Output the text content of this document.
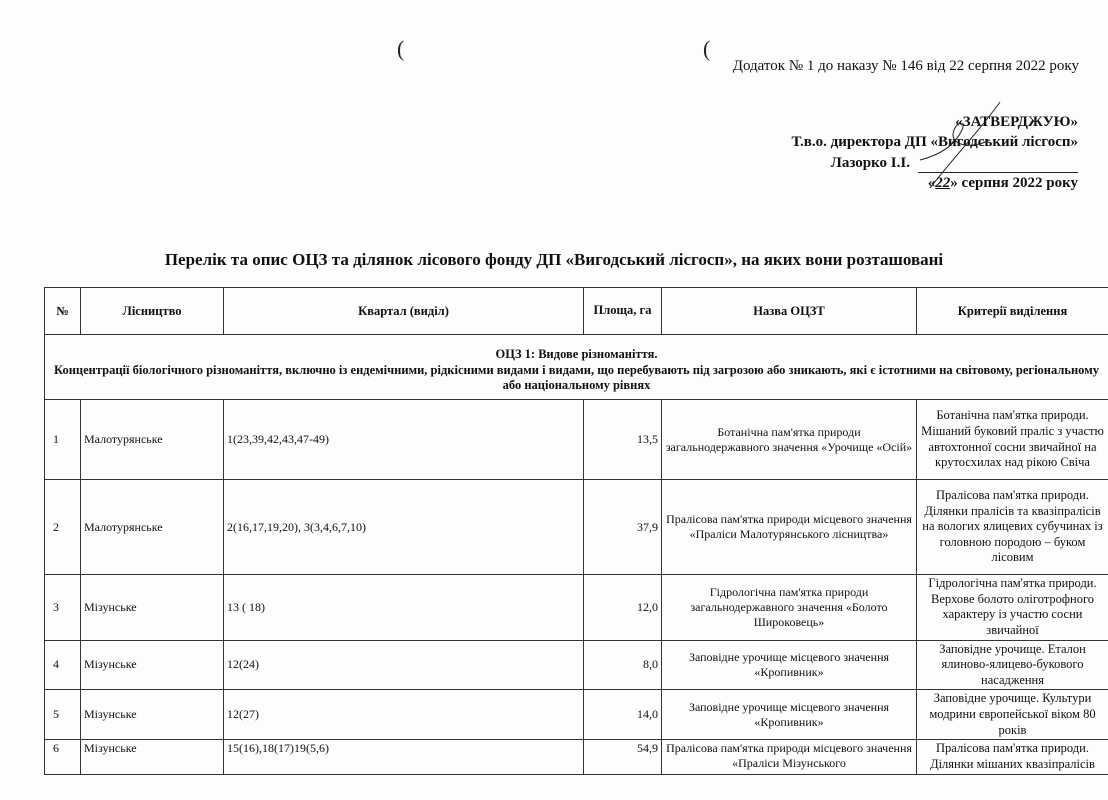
(	(
Додаток № 1 до наказу № 146 від 22 серпня 2022 року
«ЗАТВЕРДЖУЮ»
Т.в.о. директора ДП «Вигодський лісгосп»
Лазорко І.І.
«22» серпня 2022 року
Перелік та опис ОЦЗ та ділянок лісового фонду ДП «Вигодський лісгосп», на яких вони розташовані
№	Лісництво	Квартал (виділ)	Площа, га	Назва ОЦЗТ	Критерії виділення

ОЦЗ 1: Видове різноманіття.
Концентрації біологічного різноманіття, включно із ендемічними, рідкісними видами і видами, що перебувають під загрозою або зникають, які є істотними на світовому, регіональному або національному рівнях					

1	Малотурянське	1(23,39,42,43,47-49)	13,5	Ботанічна пам'ятка природи загальнодержавного значення «Урочище «Осій»	Ботанічна пам'ятка природи. Мішаний буковий праліс з участю автохтонної сосни звичайної на крутосхилах над рікою Свіча
2	Малотурянське	2(16,17,19,20), 3(3,4,6,7,10)	37,9	Пралісова пам'ятка природи місцевого значення «Праліси Малотурянського лісництва»	Пралісова пам'ятка природи. Ділянки пралісів та квазіпралісів на вологих ялицевих субучинах із головною породою – буком лісовим
3	Мізунське	13 ( 18)	12,0	Гідрологічна пам'ятка природи загальнодержавного значення «Болото Широковець»	Гідрологічна пам'ятка природи. Верхове болото оліготрофного характеру із участю сосни звичайної
4	Мізунське	12(24)	8,0	Заповідне урочище місцевого значення «Кропивник»	Заповідне урочище. Еталон ялиново-ялицево-букового насадження
5	Мізунське	12(27)	14,0	Заповідне урочище місцевого значення «Кропивник»	Заповідне урочище. Культури модрини європейської віком 80 років
6	Мізунське	15(16),18(17)19(5,6)	54,9	Пралісова пам'ятка природи місцевого значення «Праліси Мізунського	Пралісова пам'ятка природи. Ділянки мішаних квазіпралісів
